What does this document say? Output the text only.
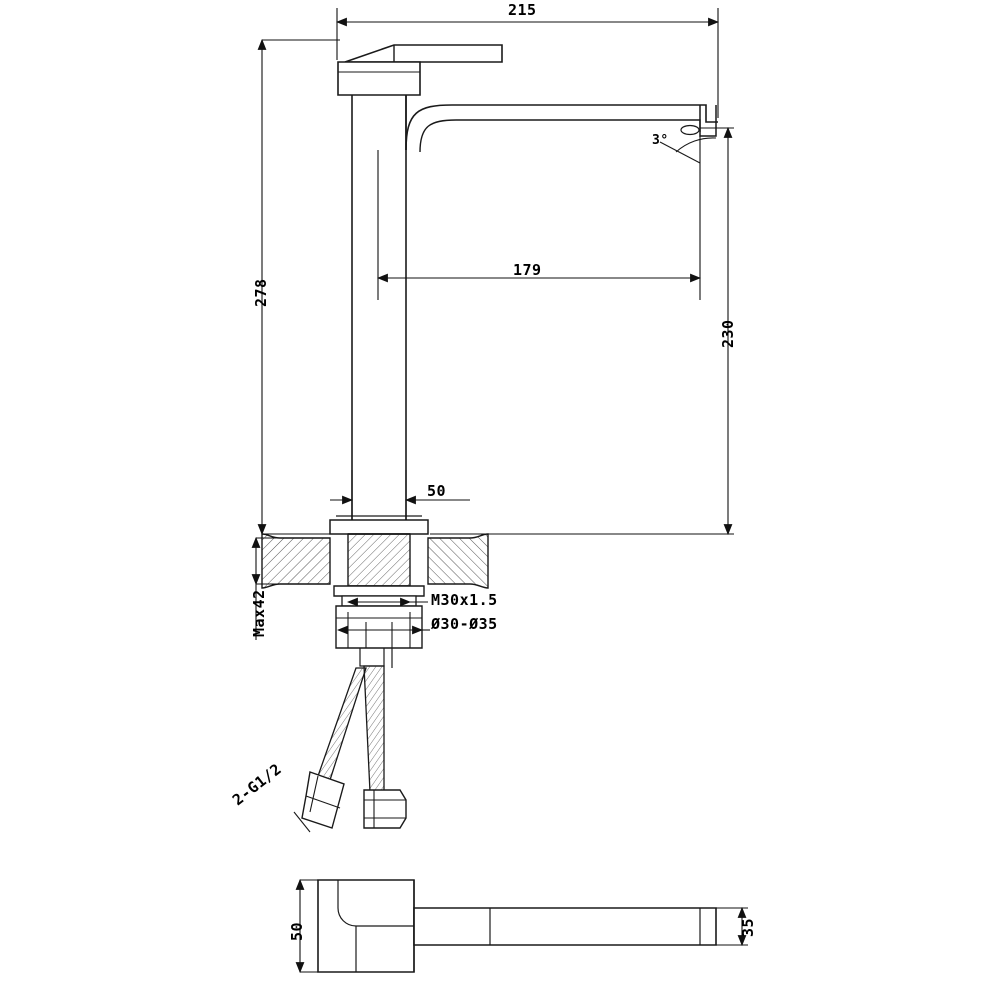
215
278
179
230
50
Max42	M30x1.5
Ø30-Ø35
2-G1/2
3°
50	35
